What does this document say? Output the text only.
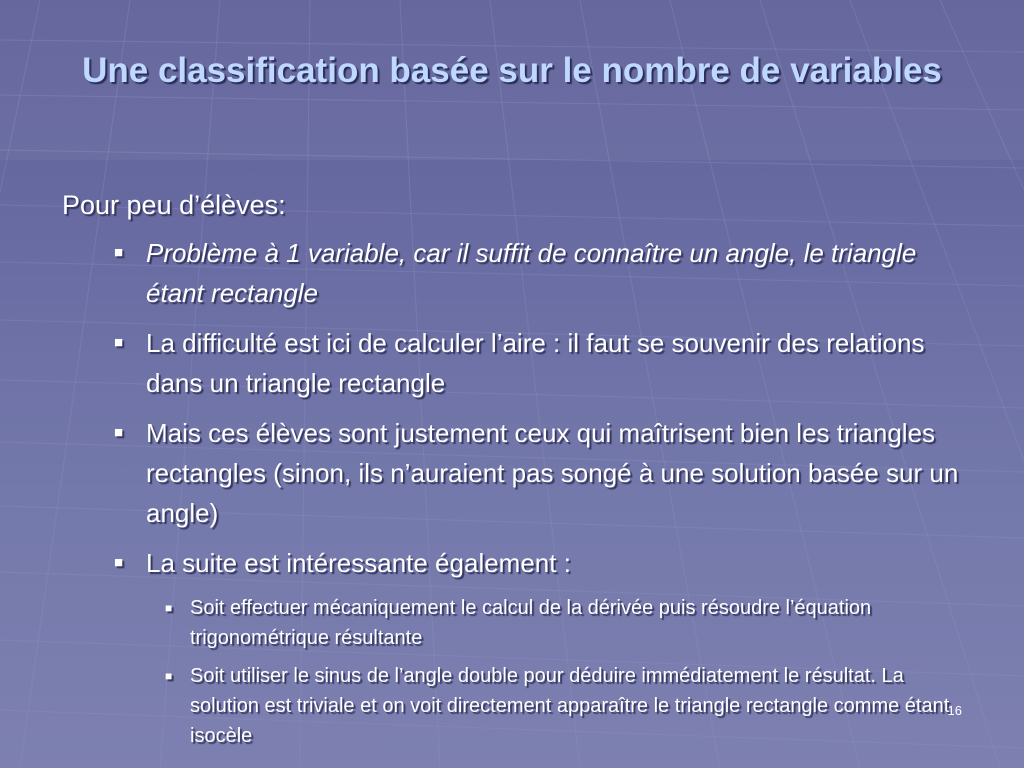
Une classification basée sur le nombre de variables
Pour peu d’élèves:
■ Problème à 1 variable, car il suffit de connaître un angle, le triangle étant rectangle
■ La difficulté est ici de calculer l’aire : il faut se souvenir des relations dans un triangle rectangle
■ Mais ces élèves sont justement ceux qui maîtrisent bien les triangles rectangles (sinon, ils n’auraient pas songé à une solution basée sur un angle)
■ La suite est intéressante également :
■ Soit effectuer mécaniquement le calcul de la dérivée puis résoudre l’équation trigonométrique résultante
■ Soit utiliser le sinus de l’angle double pour déduire immédiatement le résultat. La solution est triviale et on voit directement apparaître le triangle rectangle comme étant isocèle
16
